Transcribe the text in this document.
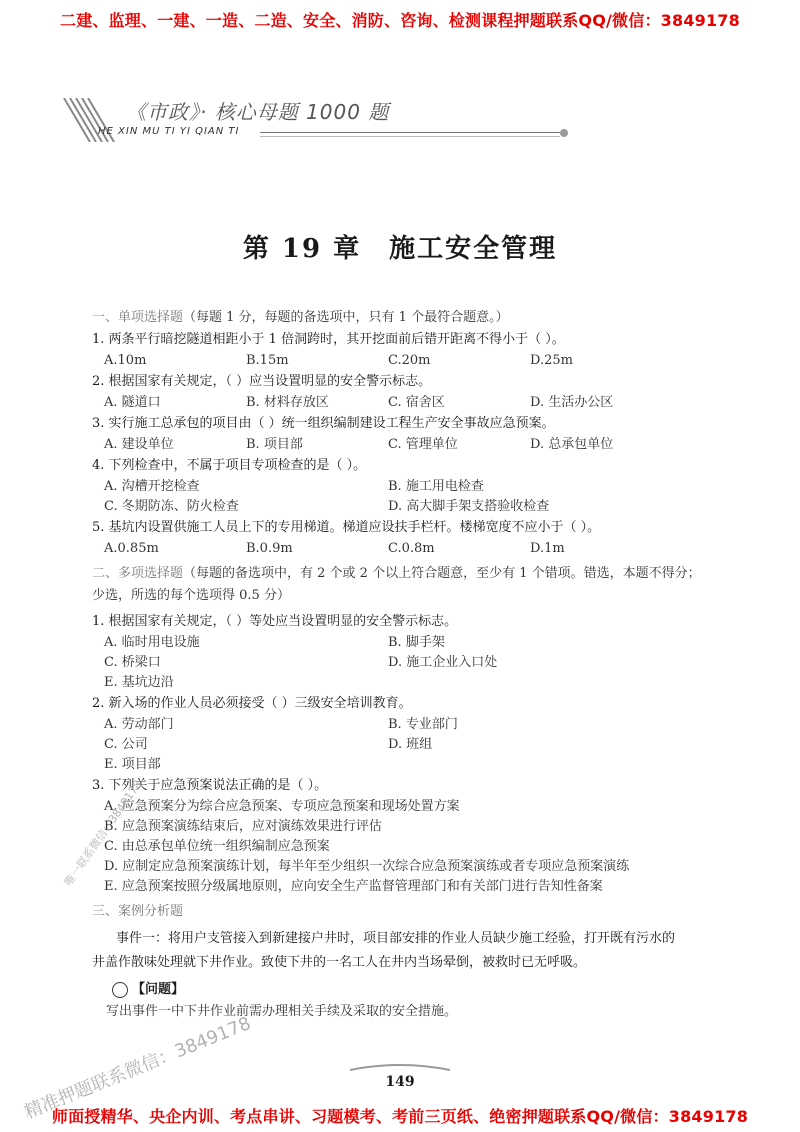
二建、监理、一建、一造、二造、安全、消防、咨询、检测课程押题联系QQ/微信：3849178
《市政》· 核心母题 1000 题
HE XIN MU TI YI QIAN TI
第 19 章　施工安全管理
一、单项选择题（每题 1 分，每题的备选项中，只有 1 个最符合题意。）
1. 两条平行暗挖隧道相距小于 1 倍洞跨时，其开挖面前后错开距离不得小于（ ）。
A.10m	B.15m	C.20m	D.25m
2. 根据国家有关规定，（ ）应当设置明显的安全警示标志。
A. 隧道口	B. 材料存放区	C. 宿舍区	D. 生活办公区
3. 实行施工总承包的项目由（ ）统一组织编制建设工程生产安全事故应急预案。
A. 建设单位	B. 项目部	C. 管理单位	D. 总承包单位
4. 下列检查中，不属于项目专项检查的是（ ）。
A. 沟槽开挖检查	B. 施工用电检查
C. 冬期防冻、防火检查	D. 高大脚手架支搭验收检查
5. 基坑内设置供施工人员上下的专用梯道。梯道应设扶手栏杆。楼梯宽度不应小于（ ）。
A.0.85m	B.0.9m	C.0.8m	D.1m
二、多项选择题（每题的备选项中，有 2 个或 2 个以上符合题意，至少有 1 个错项。错选，本题不得分；
少选，所选的每个选项得 0.5 分）
1. 根据国家有关规定，（ ）等处应当设置明显的安全警示标志。
A. 临时用电设施	B. 脚手架
C. 桥梁口	D. 施工企业入口处
E. 基坑边沿
2. 新入场的作业人员必须接受（ ）三级安全培训教育。
A. 劳动部门	B. 专业部门
C. 公司	D. 班组
E. 项目部
3. 下列关于应急预案说法正确的是（ ）。
A. 应急预案分为综合应急预案、专项应急预案和现场处置方案
B. 应急预案演练结束后，应对演练效果进行评估
C. 由总承包单位统一组织编制应急预案
D. 应制定应急预案演练计划，每半年至少组织一次综合应急预案演练或者专项应急预案演练
E. 应急预案按照分级属地原则，应向安全生产监督管理部门和有关部门进行告知性备案
三、案例分析题
事件一：将用户支管接入到新建接户井时，项目部安排的作业人员缺少施工经验，打开既有污水的
井盖作散味处理就下井作业。致使下井的一名工人在井内当场晕倒，被救时已无呼吸。
【问题】
写出事件一中下井作业前需办理相关手续及采取的安全措施。
149
唯一联系微信：3849178
精准押题联系微信：3849178
师面授精华、央企内训、考点串讲、习题模考、考前三页纸、绝密押题联系QQ/微信：3849178
